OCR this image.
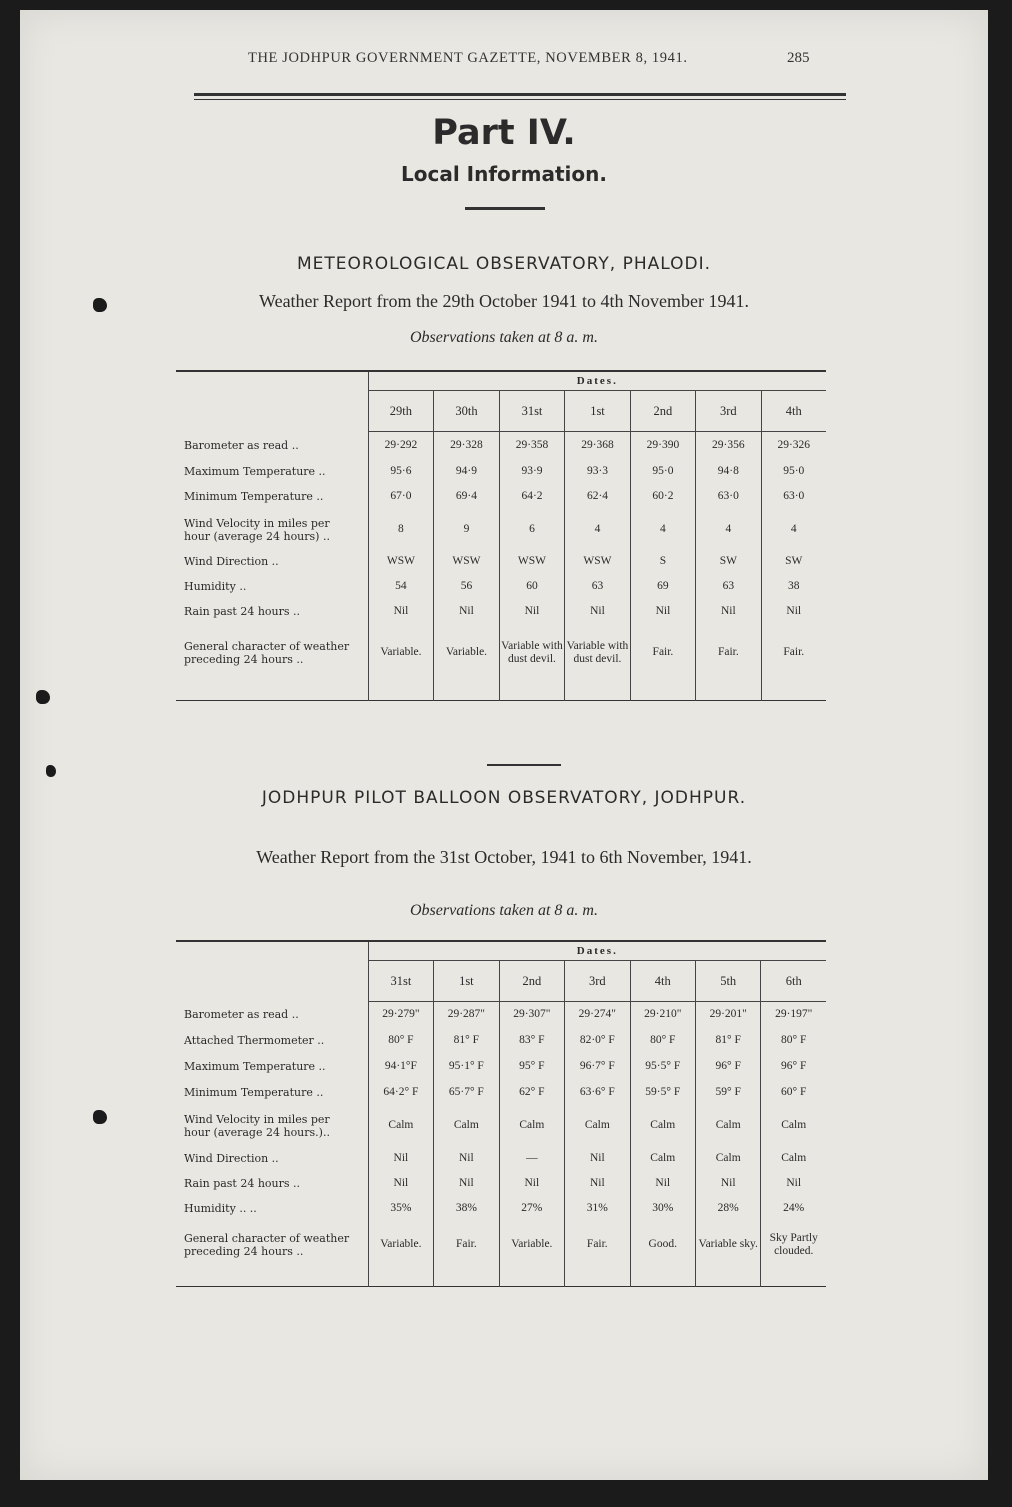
THE JODHPUR GOVERNMENT GAZETTE, NOVEMBER 8, 1941.	285
Part IV.
Local Information.
METEOROLOGICAL OBSERVATORY, PHALODI.
Weather Report from the 29th October 1941 to 4th November 1941.
Observations taken at 8 a. m.
	Dates.						
	29th	30th	31st	1st	2nd	3rd	4th

Barometer as read ..	29·292	29·328	29·358	29·368	29·390	29·356	29·326

Maximum Temperature ..	95·6	94·9	93·9	93·3	95·0	94·8	95·0

Minimum Temperature ..	67·0	69·4	64·2	62·4	60·2	63·0	63·0

Wind Velocity in miles per
hour (average 24 hours) ..	8	9	6	4	4	4	4

Wind Direction ..	WSW	WSW	WSW	WSW	S	SW	SW

Humidity ..	54	56	60	63	69	63	38

Rain past 24 hours ..	Nil	Nil	Nil	Nil	Nil	Nil	Nil

General character of weather
preceding 24 hours ..	Variable.	Variable.	Variable with dust devil.	Variable with dust devil.	Fair.	Fair.	Fair.

JODHPUR PILOT BALLOON OBSERVATORY, JODHPUR.
Weather Report from the 31st October, 1941 to 6th November, 1941.
Observations taken at 8 a. m.
	Dates.						
	31st	1st	2nd	3rd	4th	5th	6th

Barometer as read ..	29·279"	29·287"	29·307"	29·274"	29·210"	29·201"	29·197"

Attached Thermometer ..	80° F	81° F	83° F	82·0° F	80° F	81° F	80° F

Maximum Temperature ..	94·1°F	95·1° F	95° F	96·7° F	95·5° F	96° F	96° F

Minimum Temperature ..	64·2° F	65·7° F	62° F	63·6° F	59·5° F	59° F	60° F

Wind Velocity in miles per
hour (average 24 hours.)..	Calm	Calm	Calm	Calm	Calm	Calm	Calm

Wind Direction ..	Nil	Nil	—	Nil	Calm	Calm	Calm

Rain past 24 hours ..	Nil	Nil	Nil	Nil	Nil	Nil	Nil

Humidity .. ..	35%	38%	27%	31%	30%	28%	24%

General character of weather
preceding 24 hours ..	Variable.	Fair.	Variable.	Fair.	Good.	Variable sky.	Sky Partly clouded.
